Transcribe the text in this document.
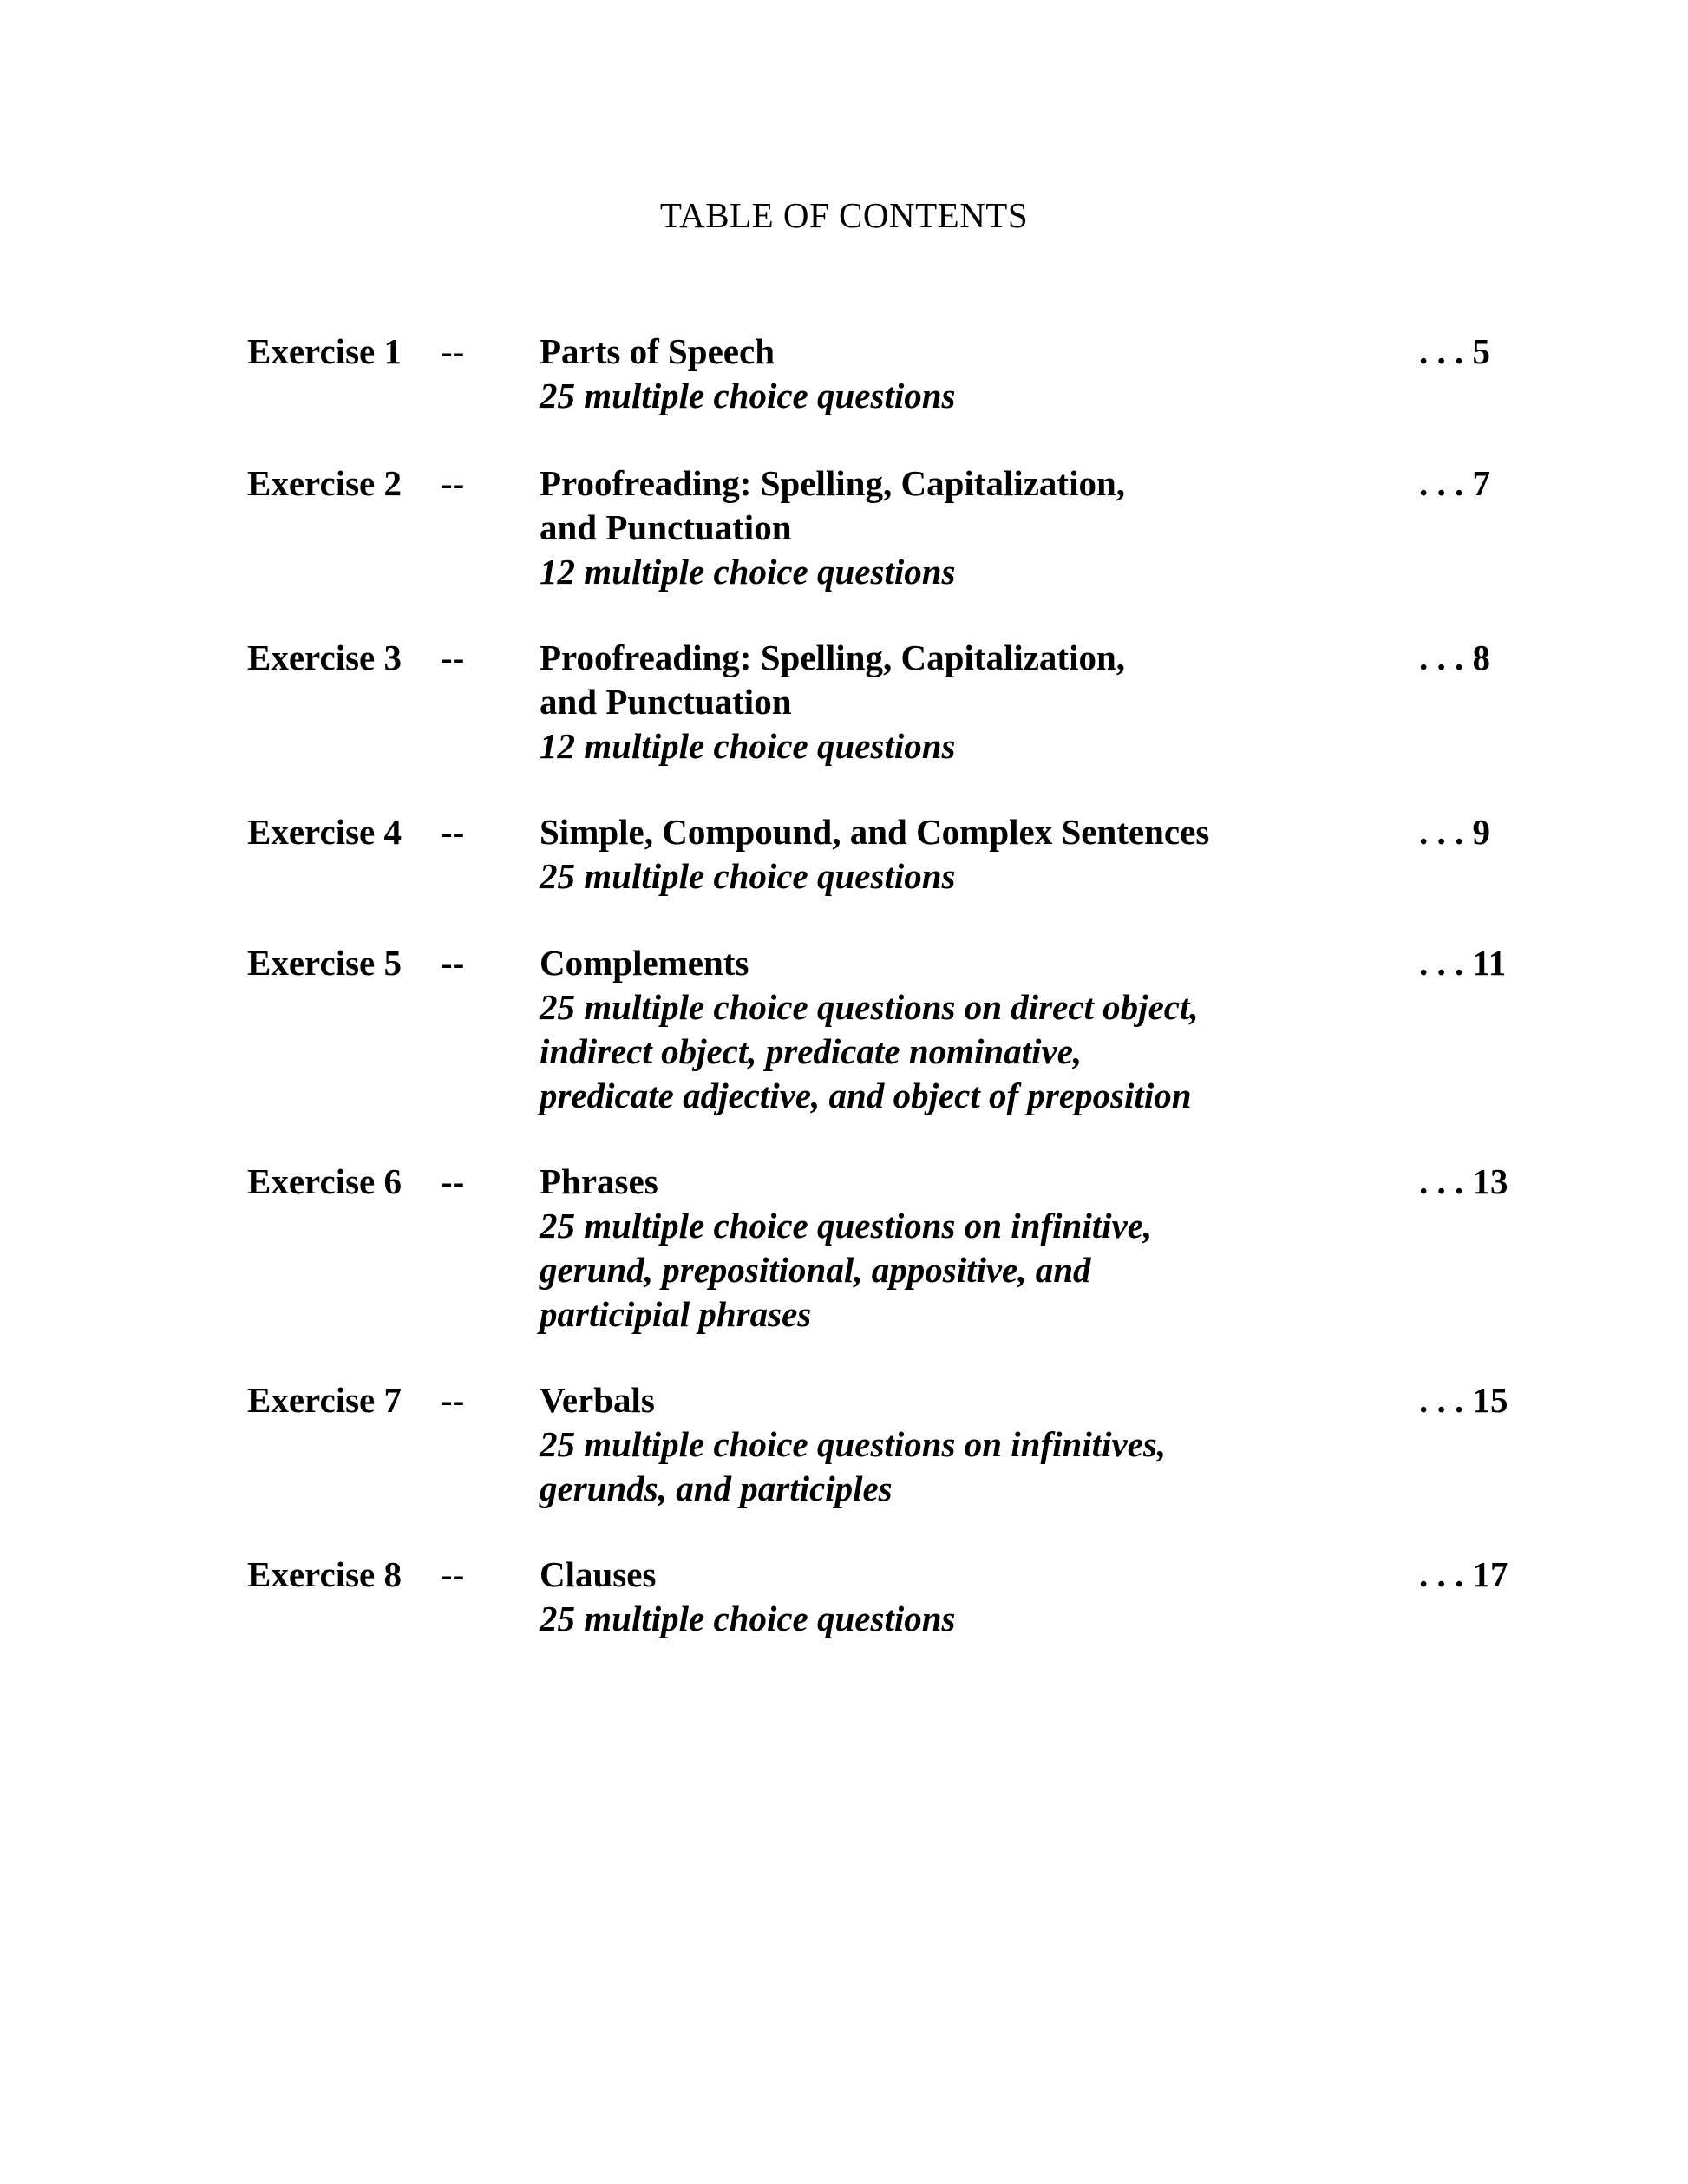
TABLE OF CONTENTS
Exercise 1 -- Parts of Speech
25 multiple choice questions
. . . 5
Exercise 2 -- Proofreading: Spelling, Capitalization,
and Punctuation
12 multiple choice questions
. . . 7
Exercise 3 -- Proofreading: Spelling, Capitalization,
and Punctuation
12 multiple choice questions
. . . 8
Exercise 4 -- Simple, Compound, and Complex Sentences
25 multiple choice questions
. . . 9
Exercise 5 -- Complements
25 multiple choice questions on direct object,
indirect object, predicate nominative,
predicate adjective, and object of preposition
. . . 11
Exercise 6 -- Phrases
25 multiple choice questions on infinitive,
gerund, prepositional, appositive, and
participial phrases
. . . 13
Exercise 7 -- Verbals
25 multiple choice questions on infinitives,
gerunds, and participles
. . . 15
Exercise 8 -- Clauses
25 multiple choice questions
. . . 17
